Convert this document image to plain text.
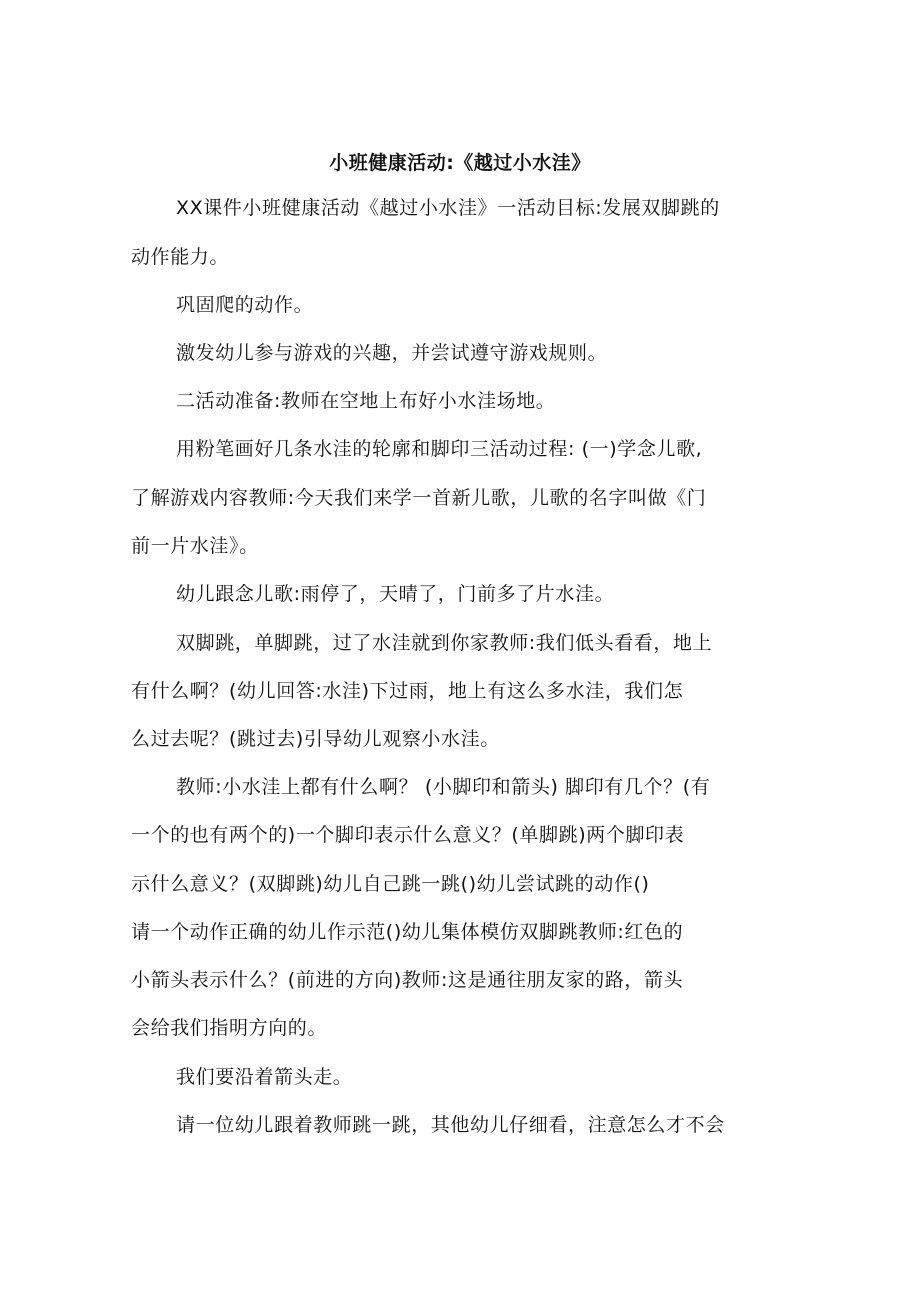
小班健康活动:《越过小水洼》
XX课件小班健康活动《越过小水洼》一活动目标:发展双脚跳的
动作能力。
巩固爬的动作。
激发幼儿参与游戏的兴趣，并尝试遵守游戏规则。
二活动准备:教师在空地上布好小水洼场地。
用粉笔画好几条水洼的轮廓和脚印三活动过程: (一)学念儿歌,
了解游戏内容教师:今天我们来学一首新儿歌，儿歌的名字叫做《门
前一片水洼》。
幼儿跟念儿歌:雨停了，天晴了，门前多了片水洼。
双脚跳，单脚跳，过了水洼就到你家教师:我们低头看看，地上
有什么啊？(幼儿回答:水洼)下过雨，地上有这么多水洼，我们怎
么过去呢？(跳过去)引导幼儿观察小水洼。
教师:小水洼上都有什么啊？ (小脚印和箭头) 脚印有几个？(有
一个的也有两个的)一个脚印表示什么意义？(单脚跳)两个脚印表
示什么意义？(双脚跳)幼儿自己跳一跳()幼儿尝试跳的动作()
请一个动作正确的幼儿作示范()幼儿集体模仿双脚跳教师:红色的
小箭头表示什么？(前进的方向)教师:这是通往朋友家的路，箭头
会给我们指明方向的。
我们要沿着箭头走。
请一位幼儿跟着教师跳一跳，其他幼儿仔细看，注意怎么才不会
